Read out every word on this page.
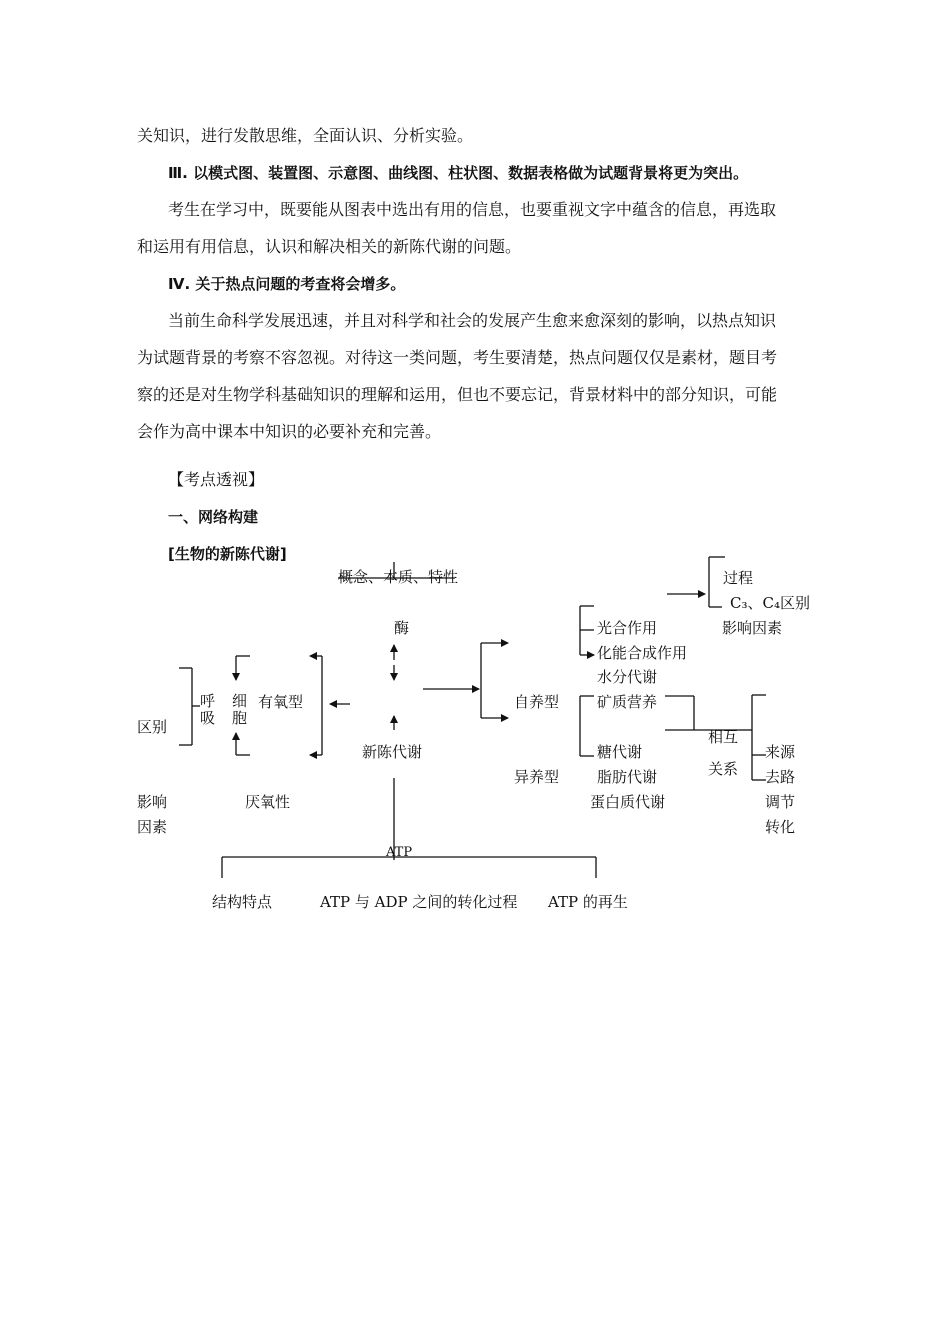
关知识，进行发散思维，全面认识、分析实验。
Ⅲ. 以模式图、装置图、示意图、曲线图、柱状图、数据表格做为试题背景将更为突出。
考生在学习中，既要能从图表中选出有用的信息，也要重视文字中蕴含的信息，再选取
和运用有用信息，认识和解决相关的新陈代谢的问题。
Ⅳ. 关于热点问题的考查将会增多。
当前生命科学发展迅速，并且对科学和社会的发展产生愈来愈深刻的影响，以热点知识
为试题背景的考察不容忽视。对待这一类问题，考生要清楚，热点问题仅仅是素材，题目考
察的还是对生物学科基础知识的理解和运用，但也不要忘记，背景材料中的部分知识，可能
会作为高中课本中知识的必要补充和完善。
【考点透视】
一、网络构建
[生物的新陈代谢]
概念、本质、特性
酶
新陈代谢
有氧型
厌氧性
呼
吸
细
胞
区别
影响
因素
自养型
异养型
光合作用
化能合成作用
水分代谢
矿质营养
糖代谢
脂肪代谢
蛋白质代谢
过程
C₃、C₄区别
影响因素
相互
关系
来源
去路
调节
转化
ATP
结构特点	ATP 与 ADP 之间的转化过程 ATP 的再生
